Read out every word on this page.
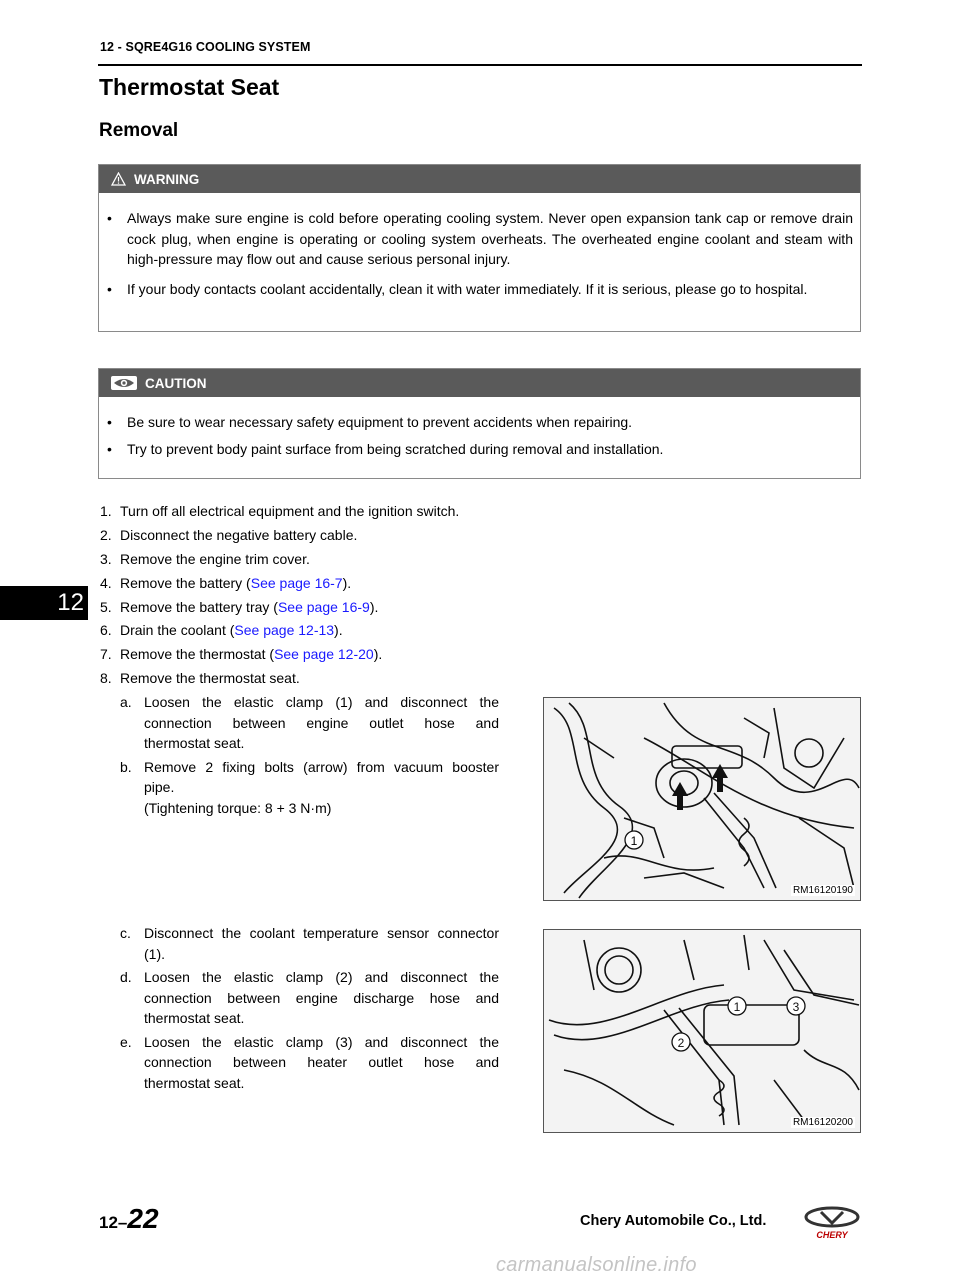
12 - SQRE4G16 COOLING SYSTEM
Thermostat Seat
Removal
WARNING
•	Always make sure engine is cold before operating cooling system. Never open expansion tank cap or remove drain cock plug, when engine is operating or cooling system overheats. The overheated engine coolant and steam with high-pressure may flow out and cause serious personal injury.
•	If your body contacts coolant accidentally, clean it with water immediately. If it is serious, please go to hospital.
CAUTION
•	Be sure to wear necessary safety equipment to prevent accidents when repairing.
•	Try to prevent body paint surface from being scratched during removal and installation.
1. Turn off all electrical equipment and the ignition switch.
2. Disconnect the negative battery cable.
3. Remove the engine trim cover.
4. Remove the battery (See page 16-7).
5. Remove the battery tray (See page 16-9).
6. Drain the coolant (See page 12-13).
7. Remove the thermostat (See page 12-20).
8. Remove the thermostat seat.
a. Loosen the elastic clamp (1) and disconnect the
connection between engine outlet hose and
thermostat seat.
b. Remove 2 fixing bolts (arrow) from vacuum booster
pipe.
(Tightening torque: 8 + 3 N·m)
c. Disconnect the coolant temperature sensor connector
(1).
d. Loosen the elastic clamp (2) and disconnect the
connection between engine discharge hose and
thermostat seat.
e. Loosen the elastic clamp (3) and disconnect the
connection between heater outlet hose and
thermostat seat.
1
RM16120190
1
2
3
RM16120200
12
12–22	Chery Automobile Co., Ltd.
CHERY
carmanualsonline.info
